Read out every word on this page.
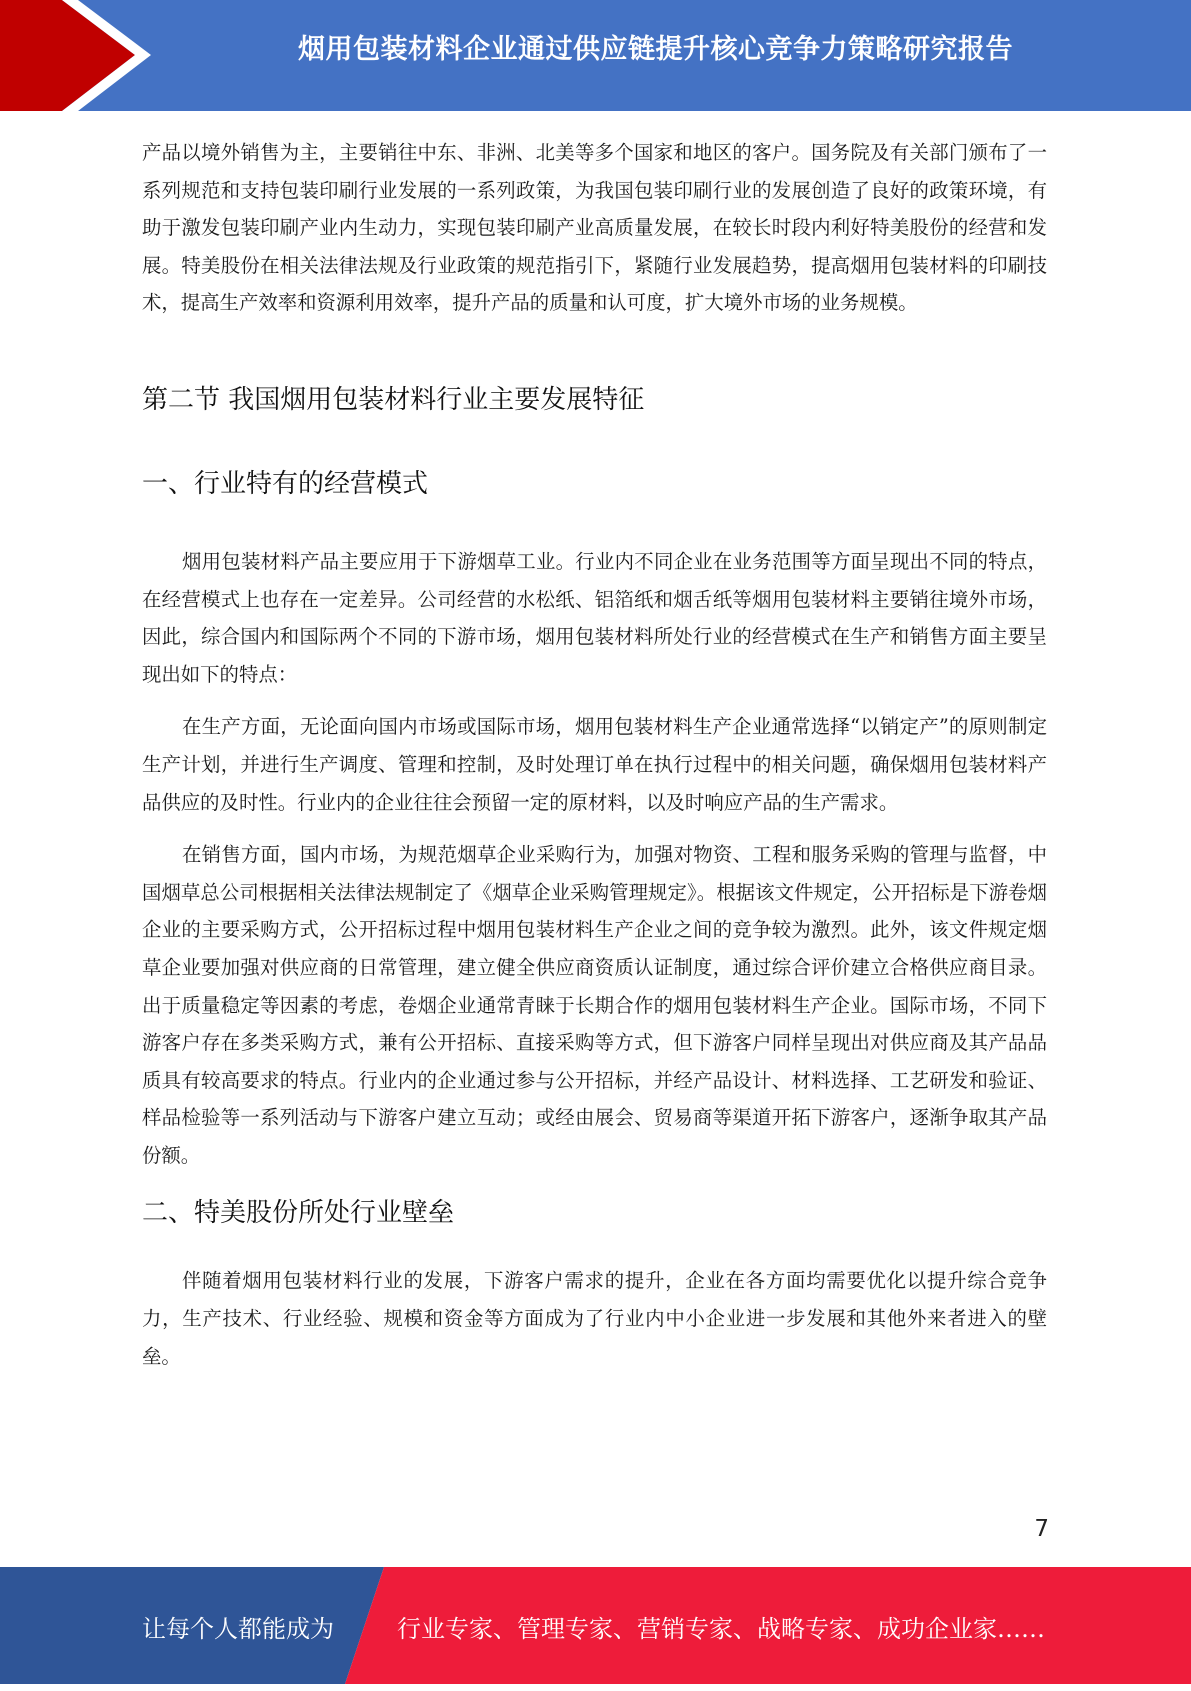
烟用包装材料企业通过供应链提升核心竞争力策略研究报告

产品以境外销售为主，主要销往中东、非洲、北美等多个国家和地区的客户。国务院及有关部门颁布了一系列规范和支持包装印刷行业发展的一系列政策，为我国包装印刷行业的发展创造了良好的政策环境，有助于激发包装印刷产业内生动力，实现包装印刷产业高质量发展，在较长时段内利好特美股份的经营和发展。特美股份在相关法律法规及行业政策的规范指引下，紧随行业发展趋势，提高烟用包装材料的印刷技术，提高生产效率和资源利用效率，提升产品的质量和认可度，扩大境外市场的业务规模。

第二节 我国烟用包装材料行业主要发展特征
一、行业特有的经营模式

烟用包装材料产品主要应用于下游烟草工业。行业内不同企业在业务范围等方面呈现出不同的特点，在经营模式上也存在一定差异。公司经营的水松纸、铝箔纸和烟舌纸等烟用包装材料主要销往境外市场，因此，综合国内和国际两个不同的下游市场，烟用包装材料所处行业的经营模式在生产和销售方面主要呈现出如下的特点：

在生产方面，无论面向国内市场或国际市场，烟用包装材料生产企业通常选择“以销定产”的原则制定生产计划，并进行生产调度、管理和控制，及时处理订单在执行过程中的相关问题，确保烟用包装材料产品供应的及时性。行业内的企业往往会预留一定的原材料，以及时响应产品的生产需求。

在销售方面，国内市场，为规范烟草企业采购行为，加强对物资、工程和服务采购的管理与监督，中国烟草总公司根据相关法律法规制定了《烟草企业采购管理规定》。根据该文件规定，公开招标是下游卷烟企业的主要采购方式，公开招标过程中烟用包装材料生产企业之间的竞争较为激烈。此外，该文件规定烟草企业要加强对供应商的日常管理，建立健全供应商资质认证制度，通过综合评价建立合格供应商目录。出于质量稳定等因素的考虑，卷烟企业通常青睐于长期合作的烟用包装材料生产企业。国际市场，不同下游客户存在多类采购方式，兼有公开招标、直接采购等方式，但下游客户同样呈现出对供应商及其产品品质具有较高要求的特点。行业内的企业通过参与公开招标，并经产品设计、材料选择、工艺研发和验证、样品检验等一系列活动与下游客户建立互动；或经由展会、贸易商等渠道开拓下游客户，逐渐争取其产品份额。

二、特美股份所处行业壁垒

伴随着烟用包装材料行业的发展，下游客户需求的提升，企业在各方面均需要优化以提升综合竞争力，生产技术、行业经验、规模和资金等方面成为了行业内中小企业进一步发展和其他外来者进入的壁垒。

7
让每个人都能成为	行业专家、管理专家、营销专家、战略专家、成功企业家……
